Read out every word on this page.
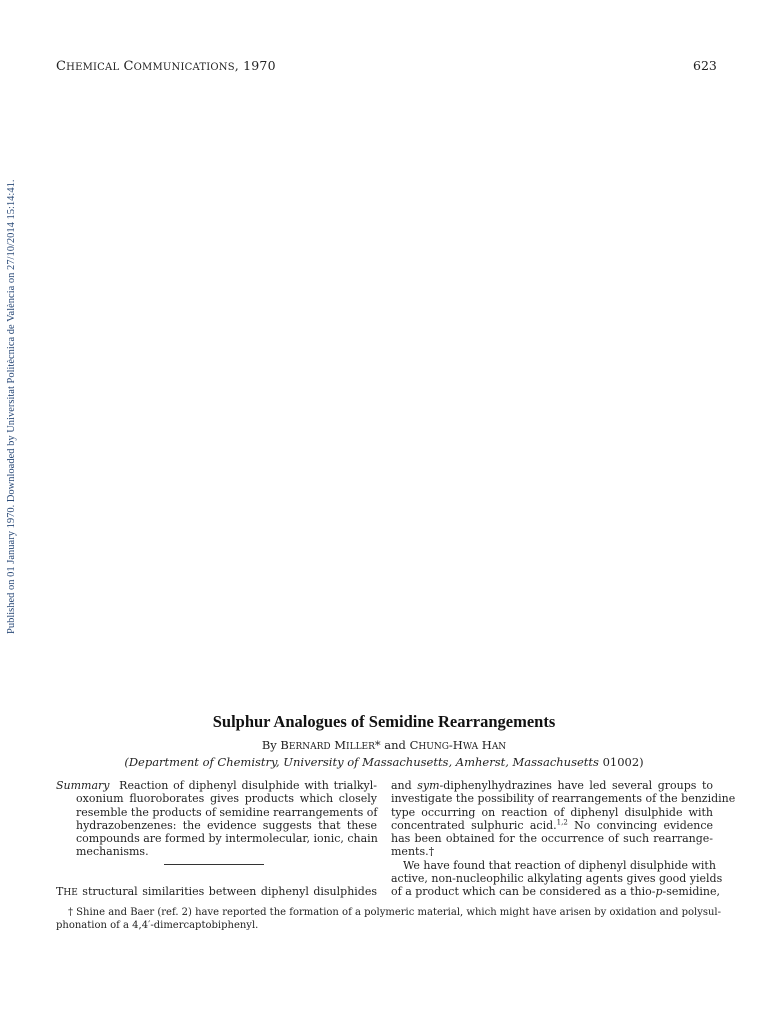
CHEMICAL COMMUNICATIONS, 1970	623
Published on 01 January 1970. Downloaded by Universitat Politècnica de València on 27/10/2014 15:14:41.
Sulphur Analogues of Semidine Rearrangements
By BERNARD MILLER* and CHUNG-HWA HAN
(Department of Chemistry, University of Massachusetts, Amherst, Massachusetts 01002)
Summary Reaction of diphenyl disulphide with trialkyl-
oxonium fluoroborates gives products which closely
resemble the products of semidine rearrangements of
hydrazobenzenes: the evidence suggests that these
compounds are formed by intermolecular, ionic, chain
mechanisms.
THE structural similarities between diphenyl disulphides
and sym-diphenylhydrazines have led several groups to
investigate the possibility of rearrangements of the benzidine
type occurring on reaction of diphenyl disulphide with
concentrated sulphuric acid.$^{1,2}$ No convincing evidence
has been obtained for the occurrence of such rearrange-
ments.†
We have found that reaction of diphenyl disulphide with
active, non-nucleophilic alkylating agents gives good yields
of a product which can be considered as a thio-p-semidine,
† Shine and Baer (ref. 2) have reported the formation of a polymeric material, which might have arisen by oxidation and polysul-
phonation of a 4,4′-dimercaptobiphenyl.
